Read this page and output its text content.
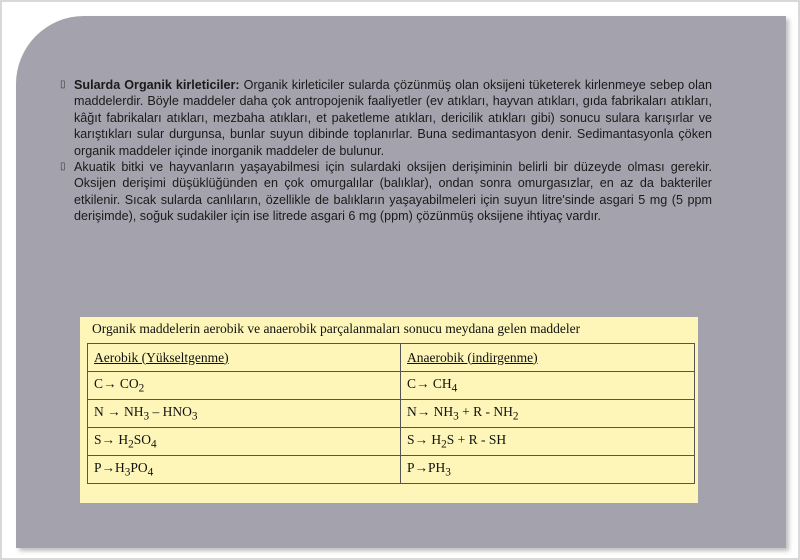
▯ Sularda Organik kirleticiler: Organik kirleticiler sularda çözünmüş olan oksijeni tüketerek kirlenmeye sebep olan maddelerdir. Böyle maddeler daha çok antropojenik faaliyetler (ev atıkları, hayvan atıkları, gıda fabrikaları atıkları, kâğıt fabrikaları atıkları, mezbaha atıkları, et paketleme atıkları, dericilik atıkları gibi) sonucu sulara karışırlar ve karıştıkları sular durgunsa, bunlar suyun dibinde toplanırlar. Buna sedimantasyon denir. Sedimantasyonla çöken organik maddeler içinde inorganik maddeler de bulunur.
▯ Akuatik bitki ve hayvanların yaşayabilmesi için sulardaki oksijen derişiminin belirli bir düzeyde olması gerekir. Oksijen derişimi düşüklüğünden en çok omurgalılar (balıklar), ondan sonra omurgasızlar, en az da bakteriler etkilenir. Sıcak sularda canlıların, özellikle de balıkların yaşayabilmeleri için suyun litre'sinde asgari 5 mg (5 ppm derişimde), soğuk sudakiler için ise litrede asgari 6 mg (ppm) çözünmüş oksijene ihtiyaç vardır.
Organik maddelerin aerobik ve anaerobik parçalanmaları sonucu meydana gelen maddeler
Aerobik (Yükseltgenme)	Anaerobik (indirgenme)
$C\to CO_2$	$C\to CH_4$
$N \to NH_3 - HNO_3$	$N\to NH_3 + R - NH_2$
$S\to H_2SO_4$	$S\to H_2S + R$ - SH
$P\to H_3PO_4$	$P\to PH_3$
